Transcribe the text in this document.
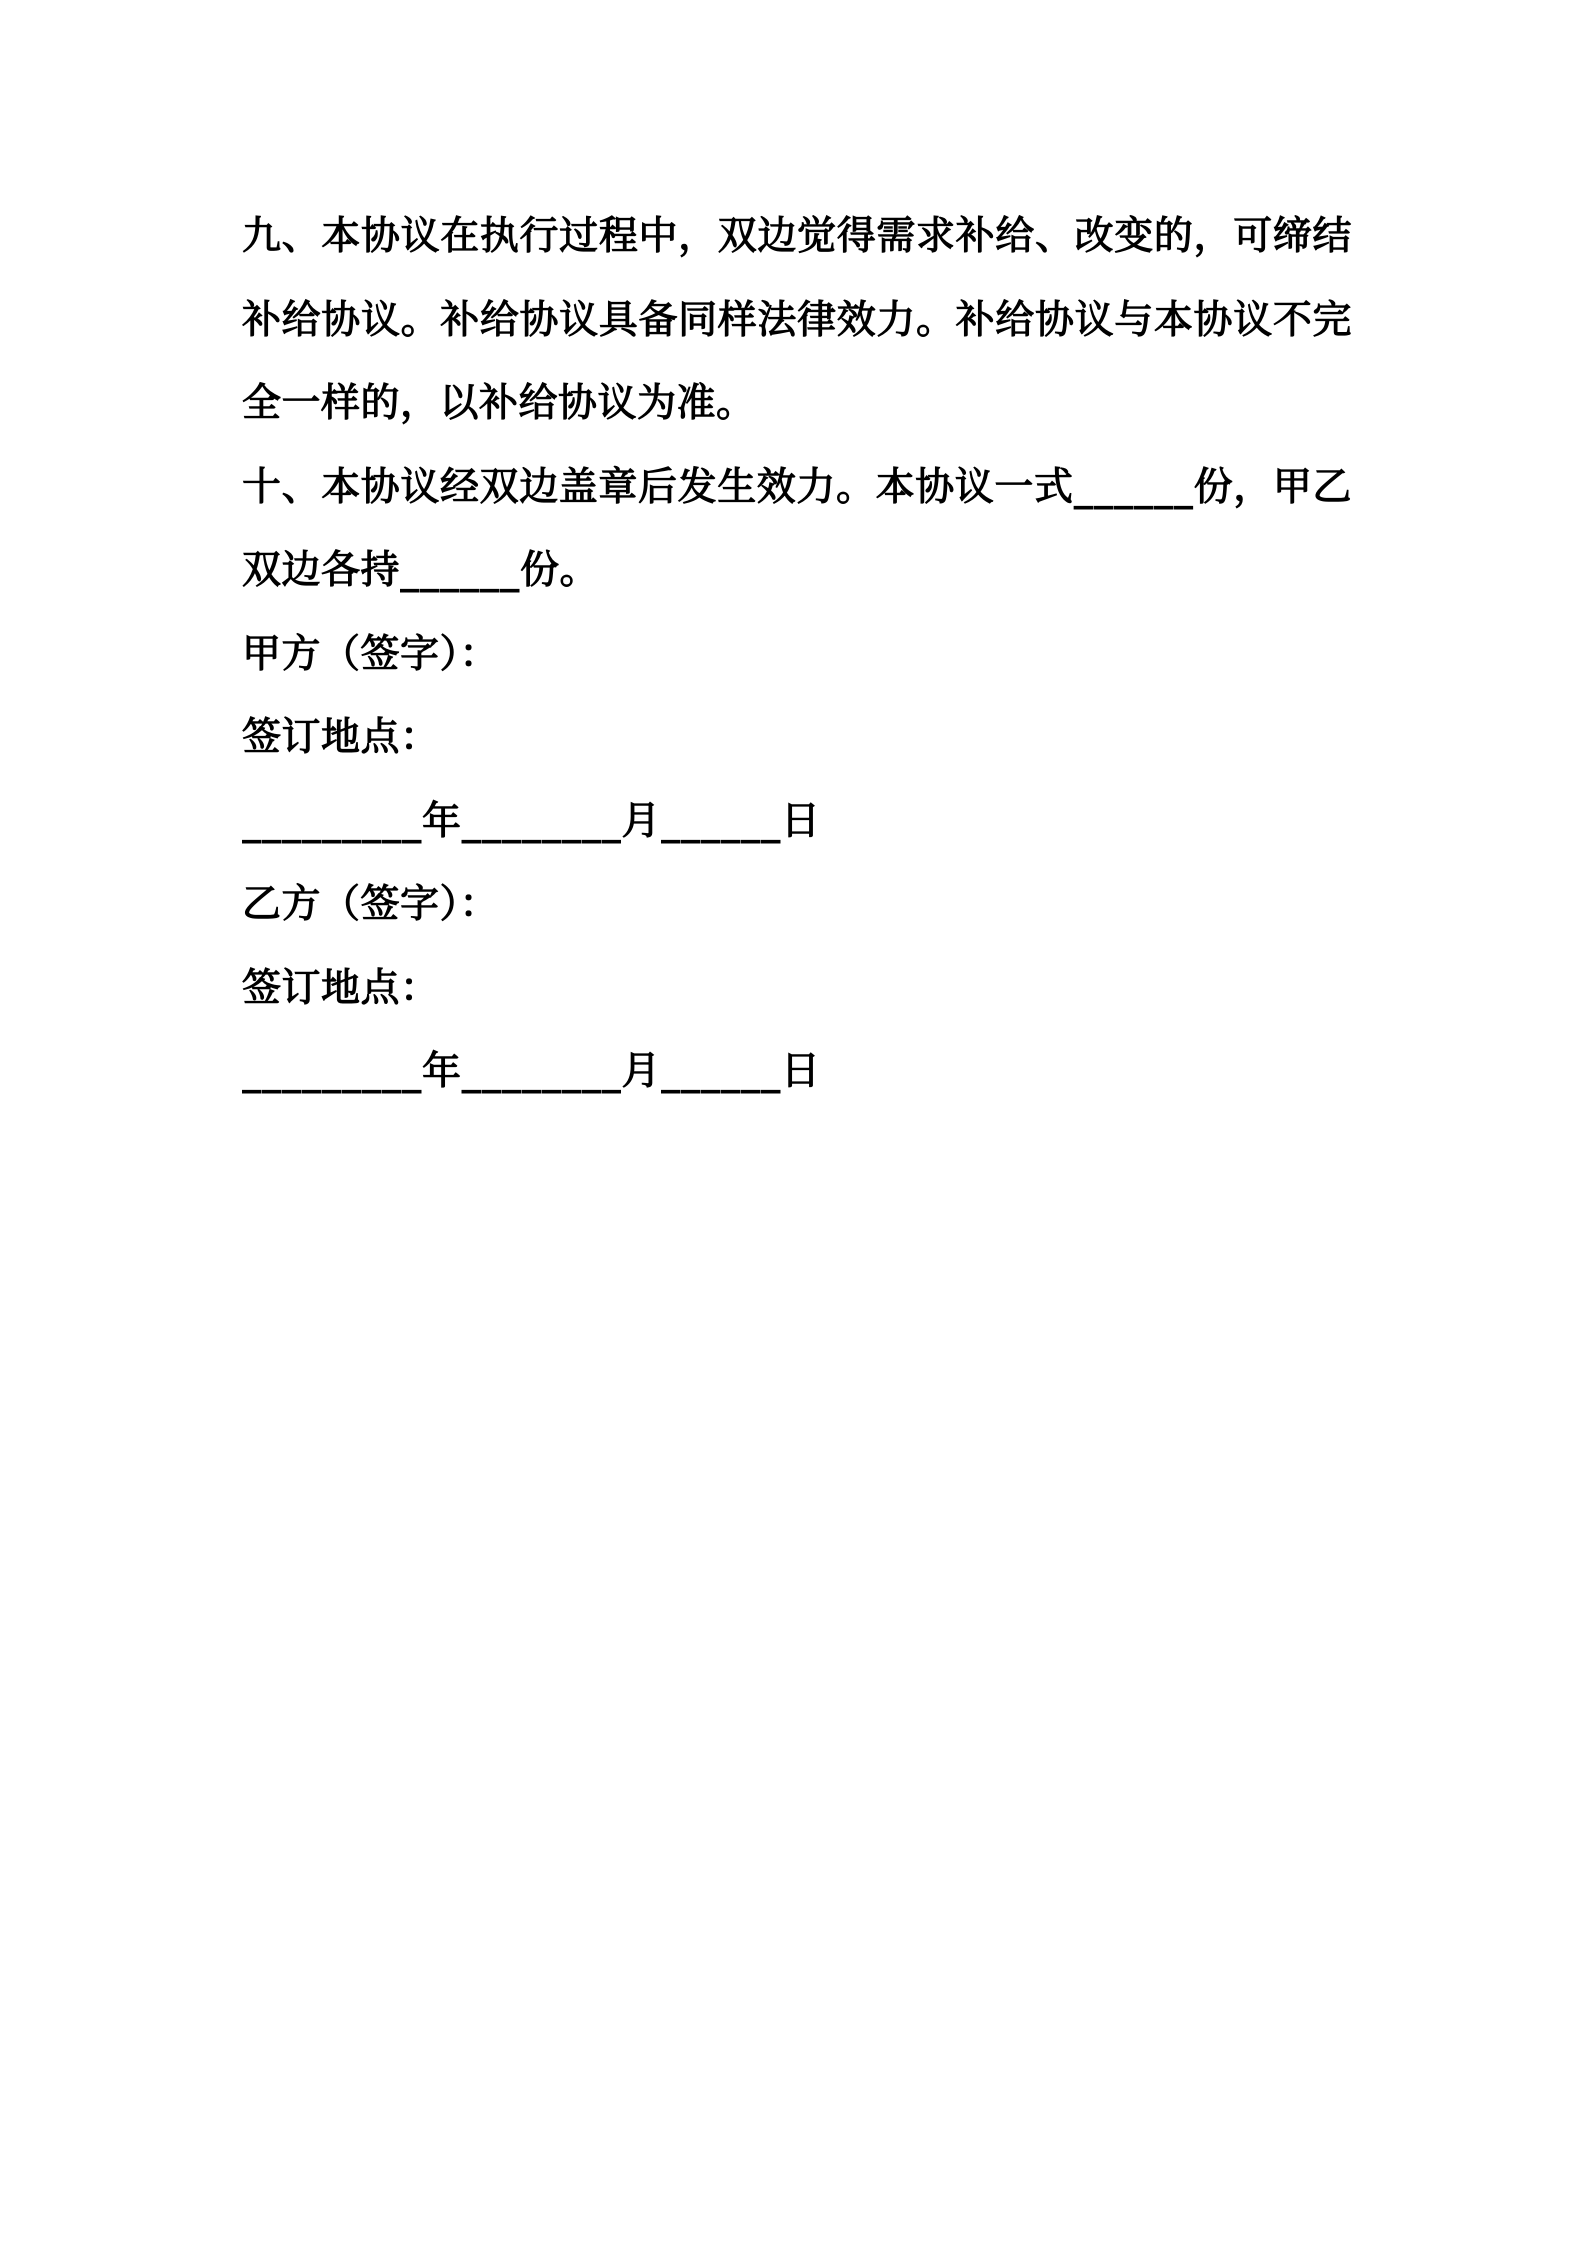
九、本协议在执行过程中，双边觉得需求补给、改变的，可缔结补给协议。补给协议具备同样法律效力。补给协议与本协议不完全一样的，以补给协议为准。

十、本协议经双边盖章后发生效力。本协议一式______份，甲乙双边各持______份。

甲方（签字）：

签订地点：

_________年________月______日

乙方（签字）：

签订地点：

_________年________月______日
